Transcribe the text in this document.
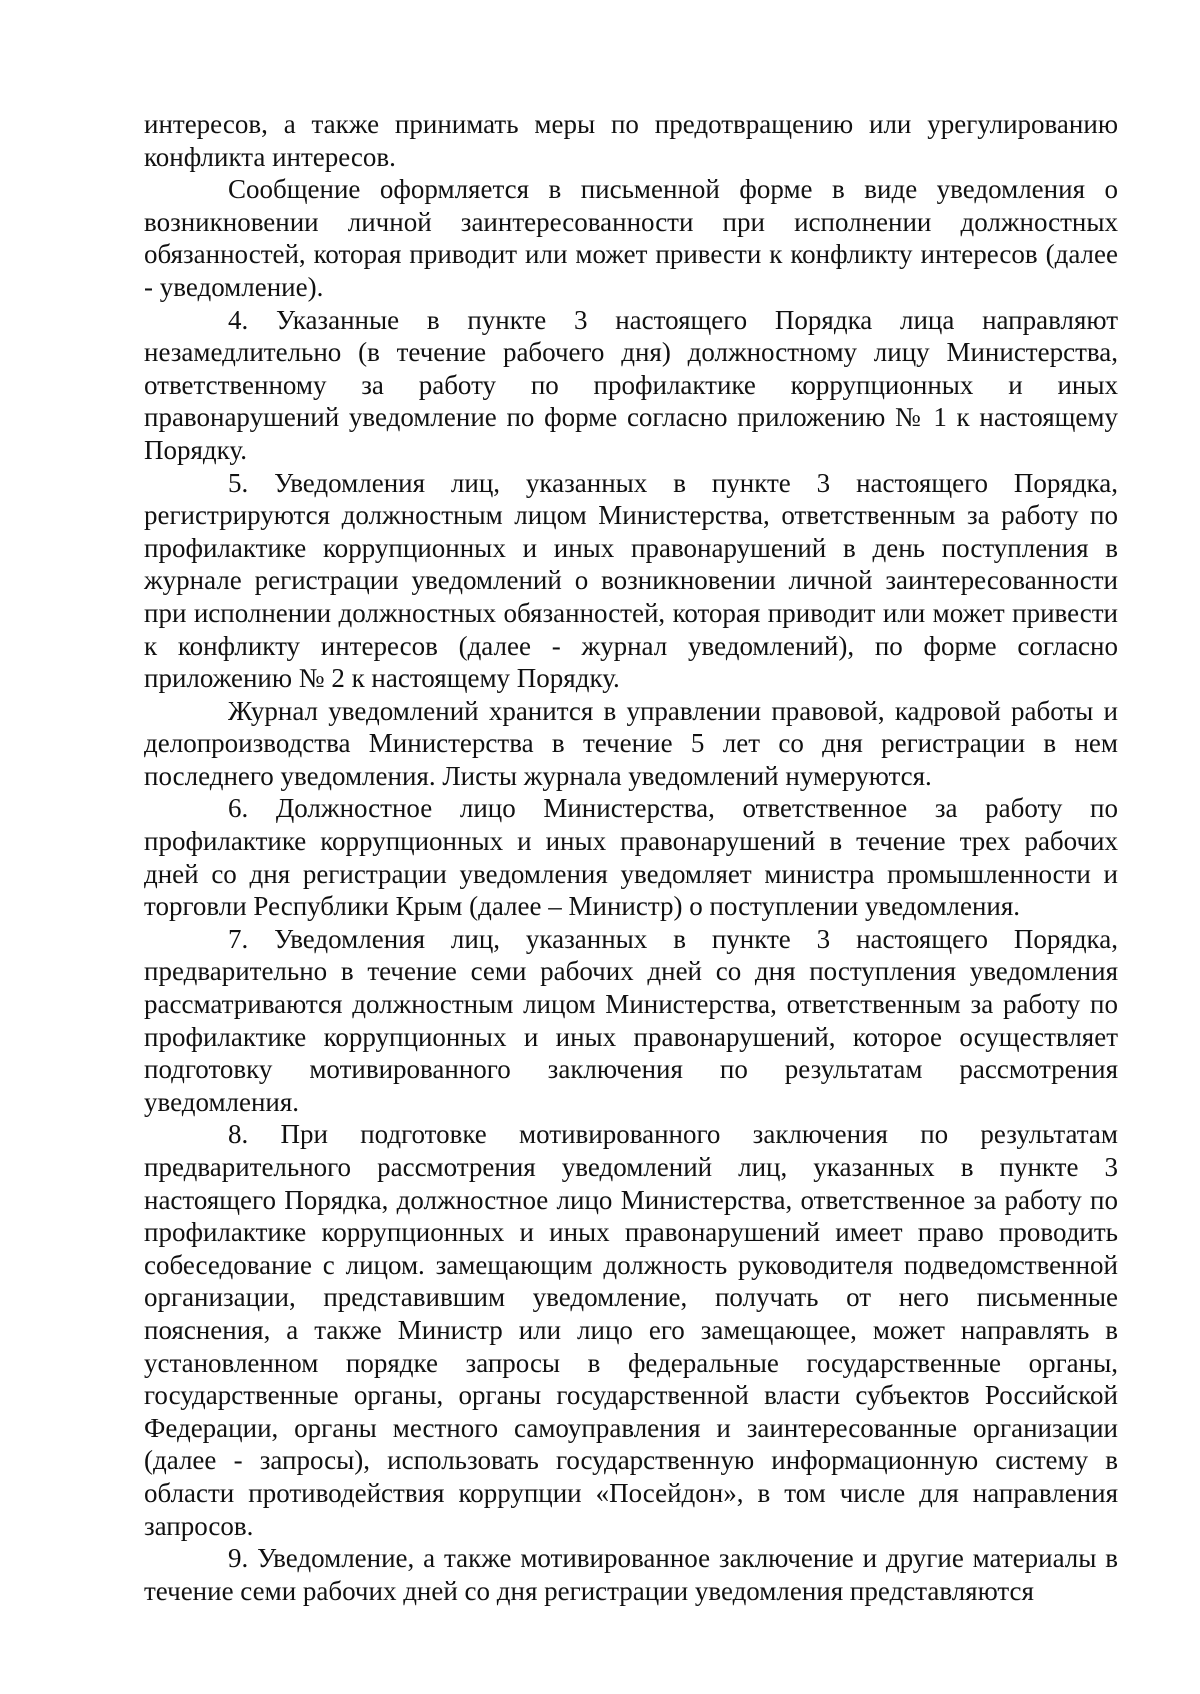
интересов, а также принимать меры по предотвращению или урегулированию конфликта интересов.

Сообщение оформляется в письменной форме в виде уведомления о возникновении личной заинтересованности при исполнении должностных обязанностей, которая приводит или может привести к конфликту интересов (далее - уведомление).

4. Указанные в пункте 3 настоящего Порядка лица направляют незамедлительно (в течение рабочего дня) должностному лицу Министерства, ответственному за работу по профилактике коррупционных и иных правонарушений уведомление по форме согласно приложению № 1 к настоящему Порядку.

5. Уведомления лиц, указанных в пункте 3 настоящего Порядка, регистрируются должностным лицом Министерства, ответственным за работу по профилактике коррупционных и иных правонарушений в день поступления в журнале регистрации уведомлений о возникновении личной заинтересованности при исполнении должностных обязанностей, которая приводит или может привести к конфликту интересов (далее - журнал уведомлений), по форме согласно приложению № 2 к настоящему Порядку.

Журнал уведомлений хранится в управлении правовой, кадровой работы и делопроизводства Министерства в течение 5 лет со дня регистрации в нем последнего уведомления. Листы журнала уведомлений нумеруются.

6. Должностное лицо Министерства, ответственное за работу по профилактике коррупционных и иных правонарушений в течение трех рабочих дней со дня регистрации уведомления уведомляет министра промышленности и торговли Республики Крым (далее – Министр) о поступлении уведомления.

7. Уведомления лиц, указанных в пункте 3 настоящего Порядка, предварительно в течение семи рабочих дней со дня поступления уведомления рассматриваются должностным лицом Министерства, ответственным за работу по профилактике коррупционных и иных правонарушений, которое осуществляет подготовку мотивированного заключения по результатам рассмотрения уведомления.

8. При подготовке мотивированного заключения по результатам предварительного рассмотрения уведомлений лиц, указанных в пункте 3 настоящего Порядка, должностное лицо Министерства, ответственное за работу по профилактике коррупционных и иных правонарушений имеет право проводить собеседование с лицом. замещающим должность руководителя подведомственной организации, представившим уведомление, получать от него письменные пояснения, а также Министр или лицо его замещающее, может направлять в установленном порядке запросы в федеральные государственные органы, государственные органы, органы государственной власти субъектов Российской Федерации, органы местного самоуправления и заинтересованные организации (далее - запросы), использовать государственную информационную систему в области противодействия коррупции «Посейдон», в том числе для направления запросов.

9. Уведомление, а также мотивированное заключение и другие материалы в течение семи рабочих дней со дня регистрации уведомления представляются
